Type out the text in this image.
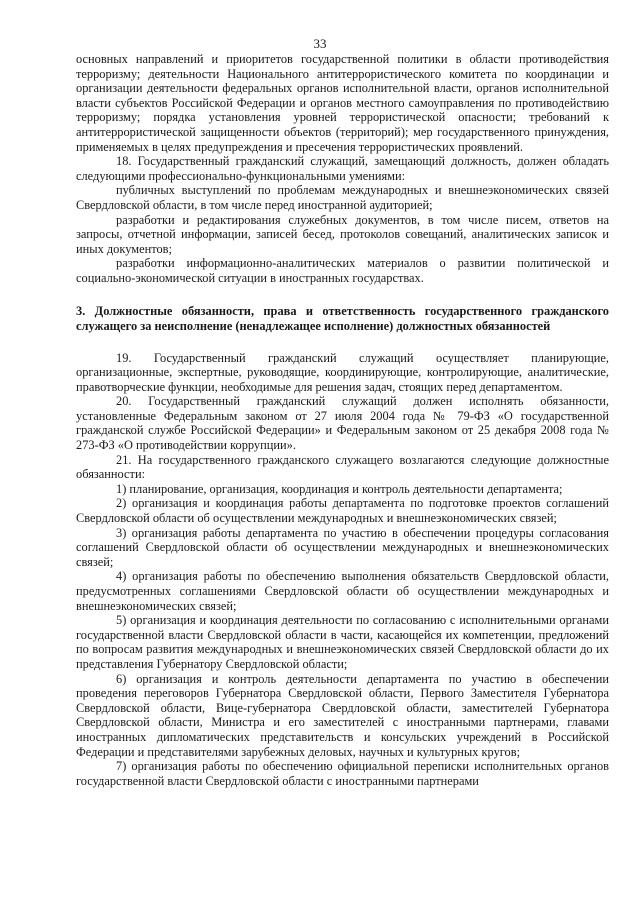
33

основных направлений и приоритетов государственной политики в области противодействия терроризму; деятельности Национального антитеррористического комитета по координации и организации деятельности федеральных органов исполнительной власти, органов исполнительной власти субъектов Российской Федерации и органов местного самоуправления по противодействию терроризму; порядка установления уровней террористической опасности; требований к антитеррористической защищенности объектов (территорий); мер государственного принуждения, применяемых в целях предупреждения и пресечения террористических проявлений.

18. Государственный гражданский служащий, замещающий должность, должен обладать следующими профессионально-функциональными умениями:

публичных выступлений по проблемам международных и внешнеэкономических связей Свердловской области, в том числе перед иностранной аудиторией;

разработки и редактирования служебных документов, в том числе писем, ответов на запросы, отчетной информации, записей бесед, протоколов совещаний, аналитических записок и иных документов;

разработки информационно-аналитических материалов о развитии политической и социально-экономической ситуации в иностранных государствах.

3. Должностные обязанности, права и ответственность государственного гражданского служащего за неисполнение (ненадлежащее исполнение) должностных обязанностей

19. Государственный гражданский служащий осуществляет планирующие, организационные, экспертные, руководящие, координирующие, контролирующие, аналитические, правотворческие функции, необходимые для решения задач, стоящих перед департаментом.

20. Государственный гражданский служащий должен исполнять обязанности, установленные Федеральным законом от 27 июля 2004 года № 79-ФЗ «О государственной гражданской службе Российской Федерации» и Федеральным законом от 25 декабря 2008 года № 273-ФЗ «О противодействии коррупции».

21. На государственного гражданского служащего возлагаются следующие должностные обязанности:

1) планирование, организация, координация и контроль деятельности департамента;

2) организация и координация работы департамента по подготовке проектов соглашений Свердловской области об осуществлении международных и внешнеэкономических связей;

3) организация работы департамента по участию в обеспечении процедуры согласования соглашений Свердловской области об осуществлении международных и внешнеэкономических связей;

4) организация работы по обеспечению выполнения обязательств Свердловской области, предусмотренных соглашениями Свердловской области об осуществлении международных и внешнеэкономических связей;

5) организация и координация деятельности по согласованию с исполнительными органами государственной власти Свердловской области в части, касающейся их компетенции, предложений по вопросам развития международных и внешнеэкономических связей Свердловской области до их представления Губернатору Свердловской области;

6) организация и контроль деятельности департамента по участию в обеспечении проведения переговоров Губернатора Свердловской области, Первого Заместителя Губернатора Свердловской области, Вице-губернатора Свердловской области, заместителей Губернатора Свердловской области, Министра и его заместителей с иностранными партнерами, главами иностранных дипломатических представительств и консульских учреждений в Российской Федерации и представителями зарубежных деловых, научных и культурных кругов;

7) организация работы по обеспечению официальной переписки исполнительных органов государственной власти Свердловской области с иностранными партнерами
